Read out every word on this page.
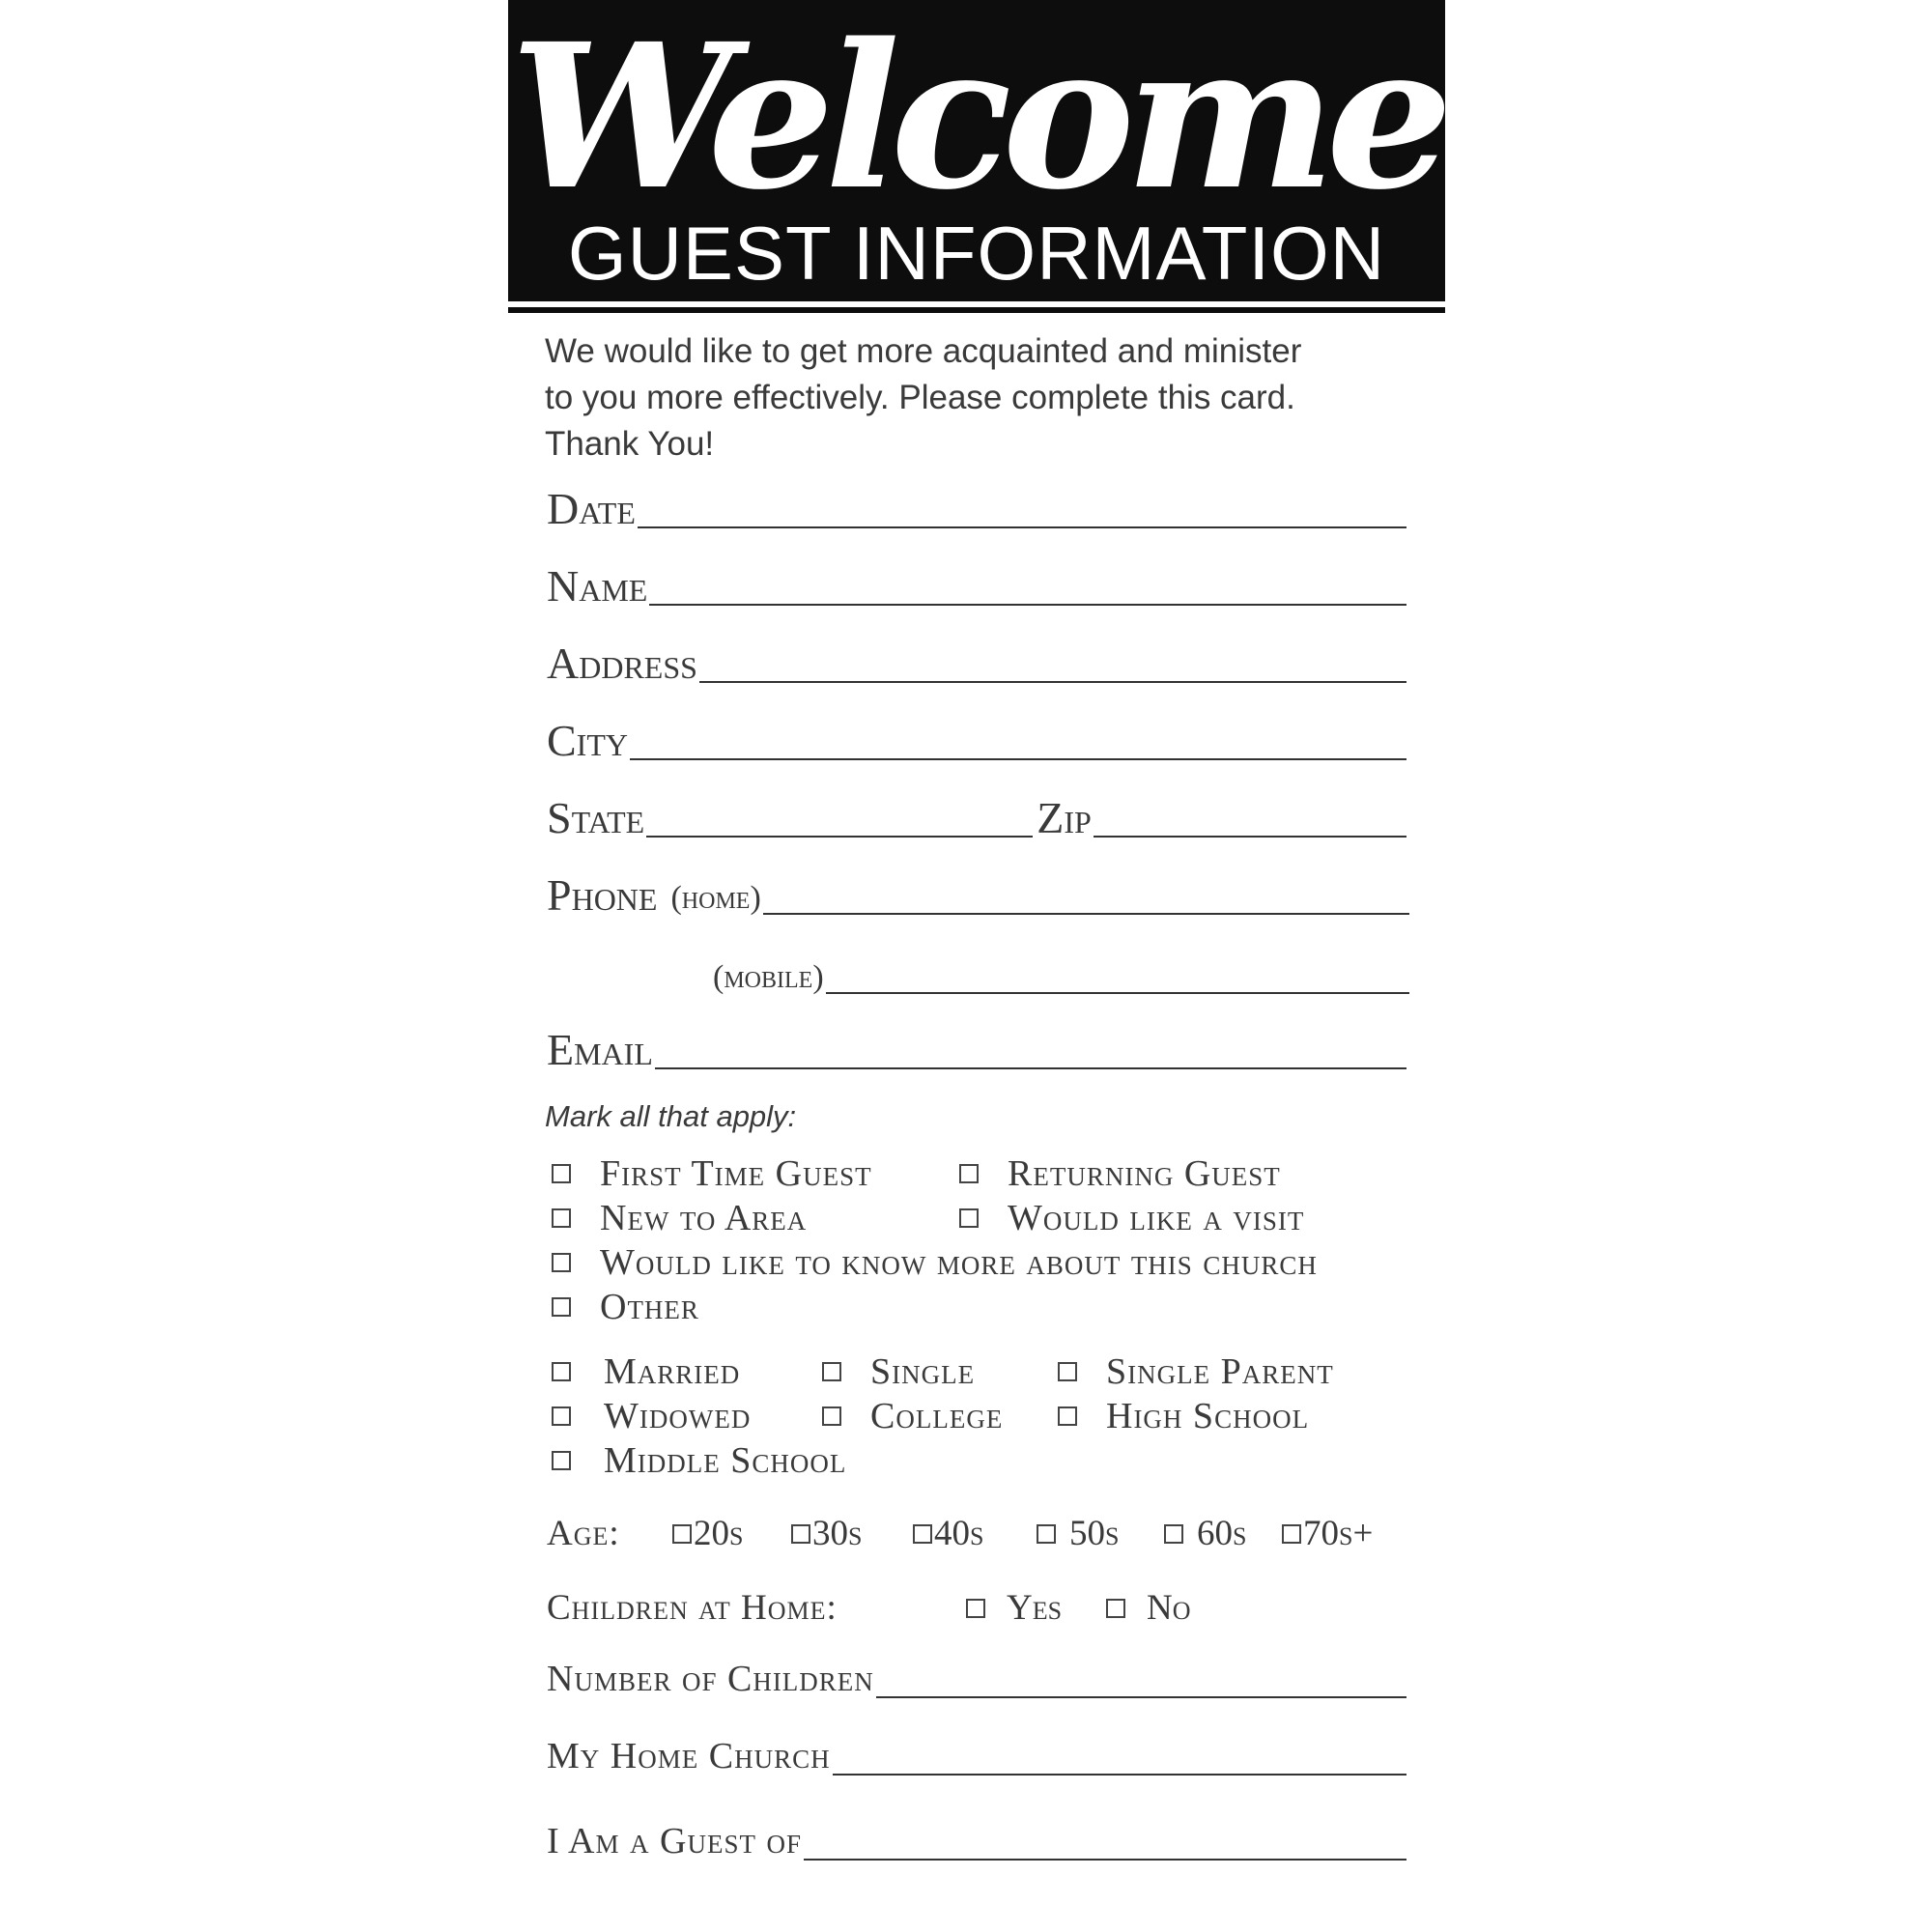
Welcome
GUEST INFORMATION
We would like to get more acquainted and minister
to you more effectively. Please complete this card.
Thank You!
Date
Name
Address
City
State	Zip
Phone (home)
(mobile)
Email
Mark all that apply:
First Time Guest	Returning Guest
New to Area	Would like a visit
Would like to know more about this church
Other
Married	Single	Single Parent
Widowed	College	High School
Middle School
Age: 20s 30s 40s 50s 60s 70s+
Children at Home:	Yes No
Number of Children
My Home Church
I Am a Guest of
